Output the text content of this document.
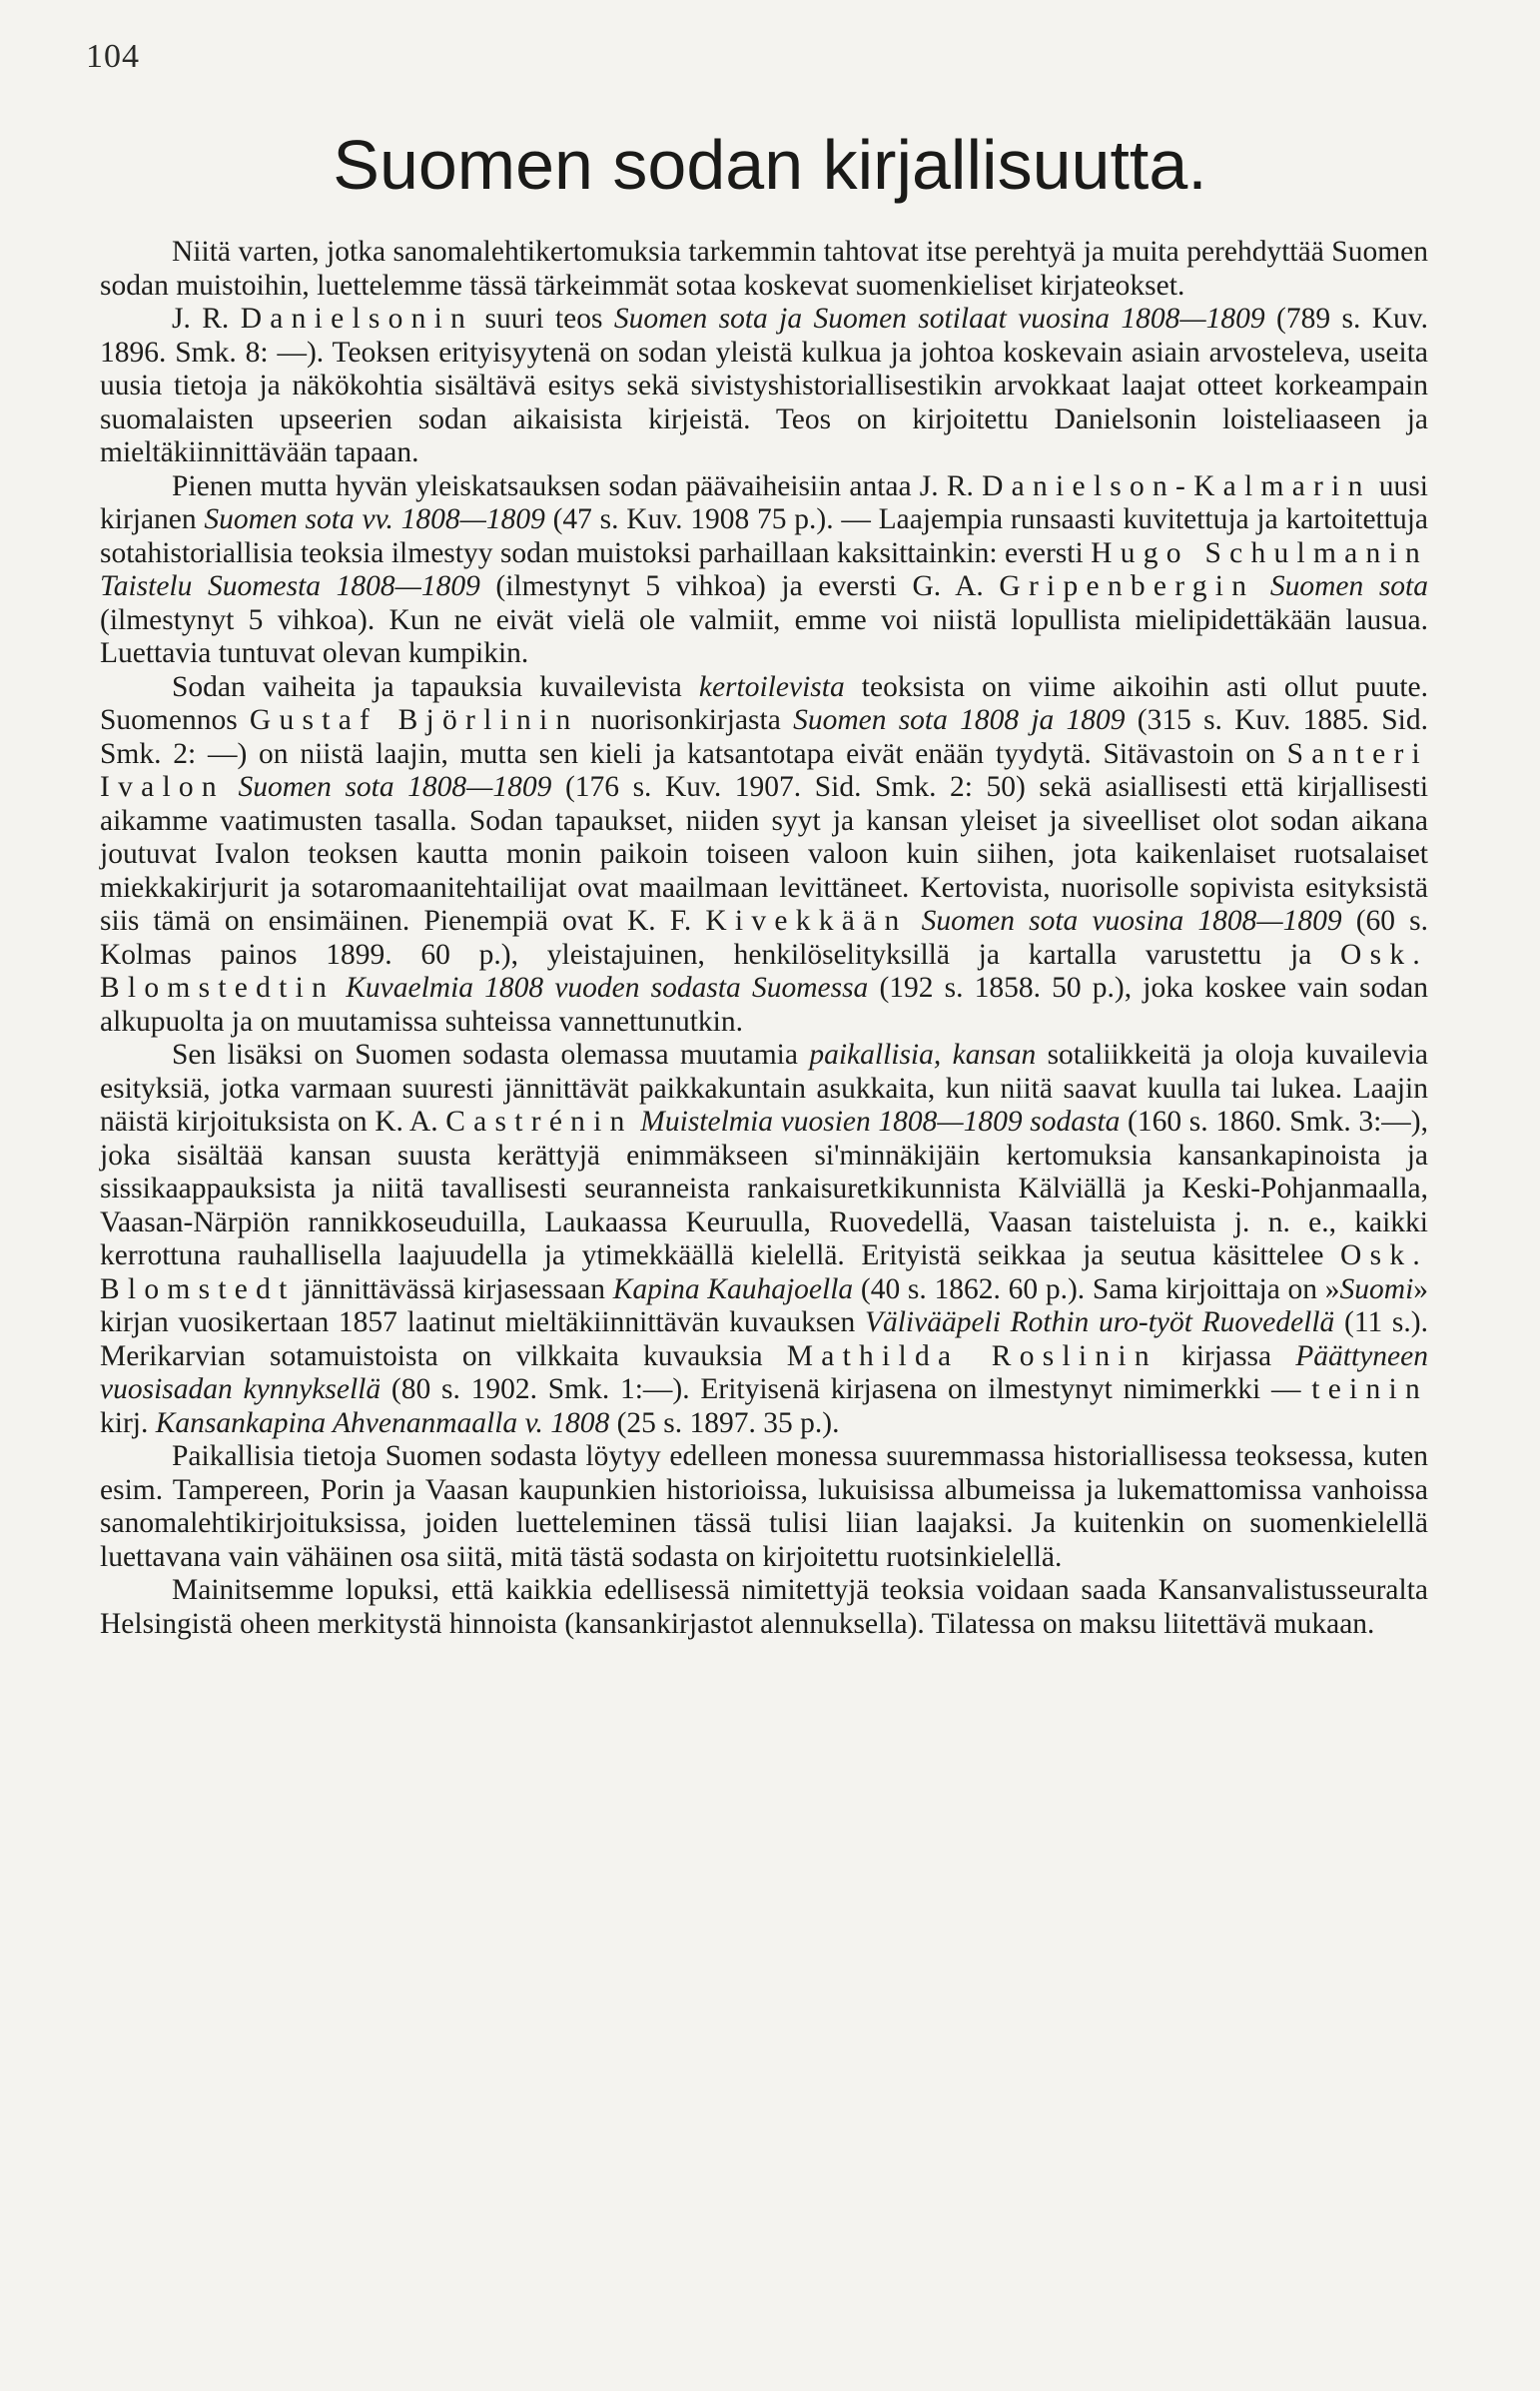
104
Suomen sodan kirjallisuutta.

Niitä varten, jotka sanomalehtikertomuksia tarkemmin tahtovat itse perehtyä ja muita perehdyttää Suomen sodan muistoihin, luettelemme tässä tärkeimmät sotaa koskevat suomenkieliset kirjateokset.

J. R. Danielsonin suuri teos Suomen sota ja Suomen sotilaat vuosina 1808—1809 (789 s. Kuv. 1896. Smk. 8: —). Teoksen erityisyytenä on sodan yleistä kulkua ja johtoa koskevain asiain arvosteleva, useita uusia tietoja ja näkökohtia sisältävä esitys sekä sivistyshistoriallisestikin arvokkaat laajat otteet korkeampain suomalaisten upseerien sodan aikaisista kirjeistä. Teos on kirjoitettu Danielsonin loisteliaaseen ja mieltäkiinnittävään tapaan.

Pienen mutta hyvän yleiskatsauksen sodan päävaiheisiin antaa J. R. Danielson-Kalmarin uusi kirjanen Suomen sota vv. 1808—1809 (47 s. Kuv. 1908 75 p.). — Laajempia runsaasti kuvitettuja ja kartoitettuja sotahistoriallisia teoksia ilmestyy sodan muistoksi parhaillaan kaksittainkin: eversti Hugo Schulmanin Taistelu Suomesta 1808—1809 (ilmestynyt 5 vihkoa) ja eversti G. A. Gripenbergin Suomen sota (ilmestynyt 5 vihkoa). Kun ne eivät vielä ole valmiit, emme voi niistä lopullista mielipidettäkään lausua. Luettavia tuntuvat olevan kumpikin.

Sodan vaiheita ja tapauksia kuvailevista kertoilevista teoksista on viime aikoihin asti ollut puute. Suomennos Gustaf Björlinin nuorisonkirjasta Suomen sota 1808 ja 1809 (315 s. Kuv. 1885. Sid. Smk. 2: —) on niistä laajin, mutta sen kieli ja katsantotapa eivät enään tyydytä. Sitävastoin on Santeri Ivalon Suomen sota 1808—1809 (176 s. Kuv. 1907. Sid. Smk. 2: 50) sekä asiallisesti että kirjallisesti aikamme vaatimusten tasalla. Sodan tapaukset, niiden syyt ja kansan yleiset ja siveelliset olot sodan aikana joutuvat Ivalon teoksen kautta monin paikoin toiseen valoon kuin siihen, jota kaikenlaiset ruotsalaiset miekkakirjurit ja sotaromaanitehtailijat ovat maailmaan levittäneet. Kertovista, nuorisolle sopivista esityksistä siis tämä on ensimäinen. Pienempiä ovat K. F. Kivekkään Suomen sota vuosina 1808—1809 (60 s. Kolmas painos 1899. 60 p.), yleistajuinen, henkilöselityksillä ja kartalla varustettu ja Osk. Blomstedtin Kuvaelmia 1808 vuoden sodasta Suomessa (192 s. 1858. 50 p.), joka koskee vain sodan alkupuolta ja on muutamissa suhteissa vannettunutkin.

Sen lisäksi on Suomen sodasta olemassa muutamia paikallisia, kansan sotaliikkeitä ja oloja kuvailevia esityksiä, jotka varmaan suuresti jännittävät paikkakuntain asukkaita, kun niitä saavat kuulla tai lukea. Laajin näistä kirjoituksista on K. A. Castrénin Muistelmia vuosien 1808—1809 sodasta (160 s. 1860. Smk. 3:—), joka sisältää kansan suusta kerättyjä enimmäkseen si'minnäkijäin kertomuksia kansankapinoista ja sissikaappauksista ja niitä tavallisesti seuranneista rankaisuretkikunnista Kälviällä ja Keski-Pohjanmaalla, Vaasan-Närpiön rannikkoseuduilla, Laukaassa Keuruulla, Ruovedellä, Vaasan taisteluista j. n. e., kaikki kerrottuna rauhallisella laajuudella ja ytimekkäällä kielellä. Erityistä seikkaa ja seutua käsittelee Osk. Blomstedt jännittävässä kirjasessaan Kapina Kauhajoella (40 s. 1862. 60 p.). Sama kirjoittaja on »Suomi» kirjan vuosikertaan 1857 laatinut mieltäkiinnittävän kuvauksen Välivääpeli Rothin uro-työt Ruovedellä (11 s.). Merikarvian sotamuistoista on vilkkaita kuvauksia Mathilda Roslinin kirjassa Päättyneen vuosisadan kynnyksellä (80 s. 1902. Smk. 1:—). Erityisenä kirjasena on ilmestynyt nimimerkki — teinin kirj. Kansankapina Ahvenanmaalla v. 1808 (25 s. 1897. 35 p.).

Paikallisia tietoja Suomen sodasta löytyy edelleen monessa suuremmassa historiallisessa teoksessa, kuten esim. Tampereen, Porin ja Vaasan kaupunkien historioissa, lukuisissa albumeissa ja lukemattomissa vanhoissa sanomalehtikirjoituksissa, joiden luetteleminen tässä tulisi liian laajaksi. Ja kuitenkin on suomenkielellä luettavana vain vähäinen osa siitä, mitä tästä sodasta on kirjoitettu ruotsinkielellä.

Mainitsemme lopuksi, että kaikkia edellisessä nimitettyjä teoksia voidaan saada Kansanvalistusseuralta Helsingistä oheen merkitystä hinnoista (kansankirjastot alennuksella). Tilatessa on maksu liitettävä mukaan.
